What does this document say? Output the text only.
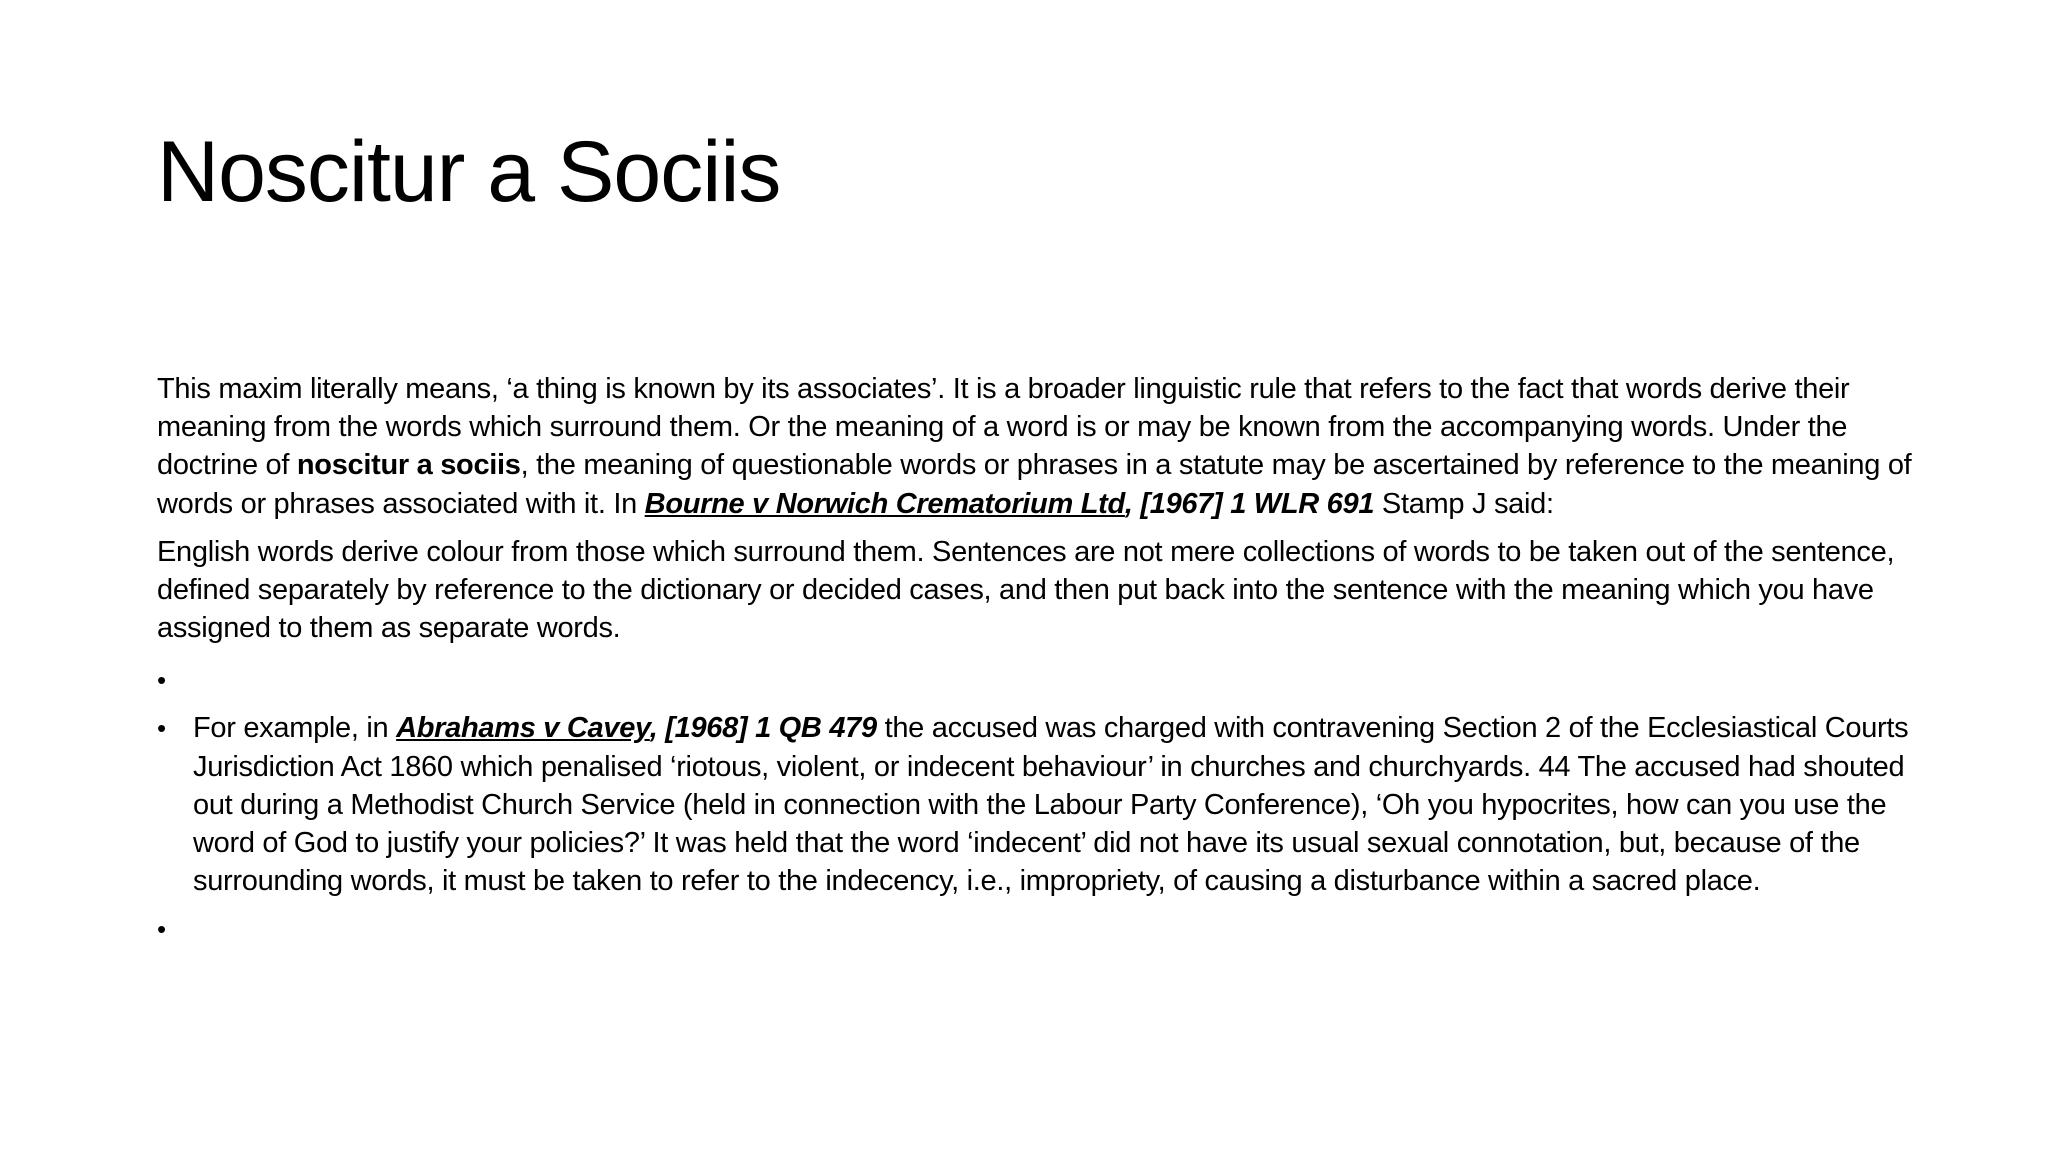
Noscitur a Sociis

This maxim literally means, ‘a thing is known by its associates’. It is a broader linguistic rule that refers to the fact that words derive their meaning from the words which surround them. Or the meaning of a word is or may be known from the accompanying words. Under the doctrine of noscitur a sociis, the meaning of questionable words or phrases in a statute may be ascertained by reference to the meaning of words or phrases associated with it. In Bourne v Norwich Crematorium Ltd, [1967] 1 WLR 691 Stamp J said:

English words derive colour from those which surround them. Sentences are not mere collections of words to be taken out of the sentence, defined separately by reference to the dictionary or decided cases, and then put back into the sentence with the meaning which you have assigned to them as separate words.

•
• For example, in Abrahams v Cavey, [1968] 1 QB 479 the accused was charged with contravening Section 2 of the Ecclesiastical Courts Jurisdiction Act 1860 which penalised ‘riotous, violent, or indecent behaviour’ in churches and churchyards. 44 The accused had shouted out during a Methodist Church Service (held in connection with the Labour Party Conference), ‘Oh you hypocrites, how can you use the word of God to justify your policies?’ It was held that the word ‘indecent’ did not have its usual sexual connotation, but, because of the surrounding words, it must be taken to refer to the indecency, i.e., impropriety, of causing a disturbance within a sacred place.
•
